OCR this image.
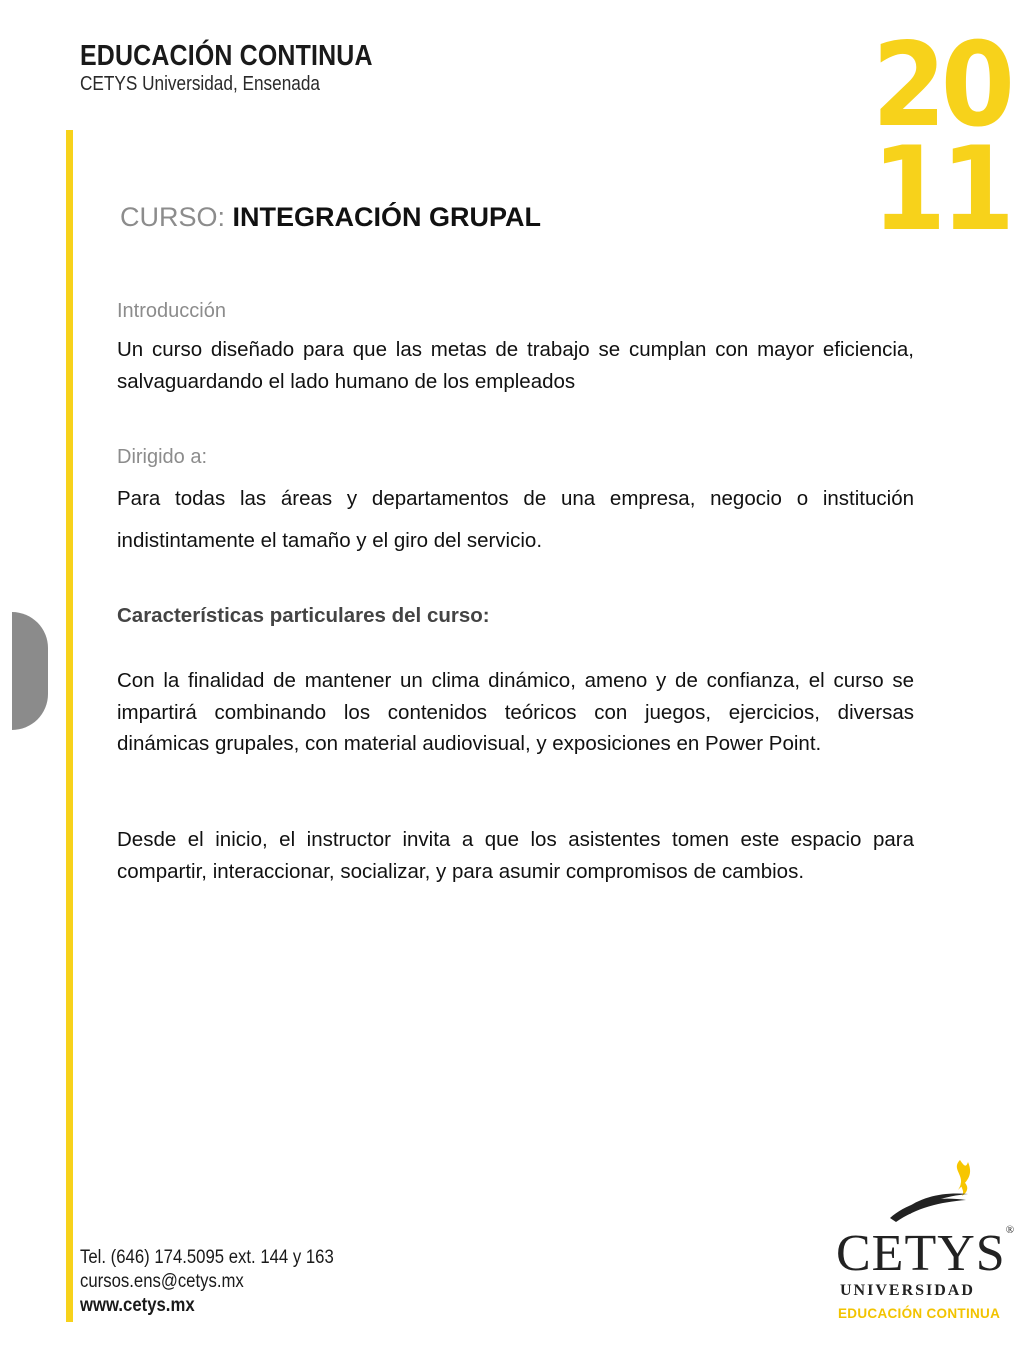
EDUCACIÓN CONTINUA
CETYS Universidad, Ensenada	20
11
CURSO: INTEGRACIÓN GRUPAL
Introducción
Un curso diseñado para que las metas de trabajo se cumplan con mayor eficiencia, salvaguardando el lado humano de los empleados
Dirigido a:
Para todas las áreas y departamentos de una empresa, negocio o institución indistintamente el tamaño y el giro del servicio.
Características particulares del curso:
Con la finalidad de mantener un clima dinámico, ameno y de confianza, el curso se impartirá combinando los contenidos teóricos con juegos, ejercicios, diversas dinámicas grupales, con material audiovisual, y exposiciones en Power Point.
Desde el inicio, el instructor invita a que los asistentes tomen este espacio para compartir, interaccionar, socializar, y para asumir compromisos de cambios.
Tel. (646) 174.5095 ext. 144 y 163
cursos.ens@cetys.mx
www.cetys.mx
CETYS®
UNIVERSIDAD
EDUCACIÓN CONTINUA
